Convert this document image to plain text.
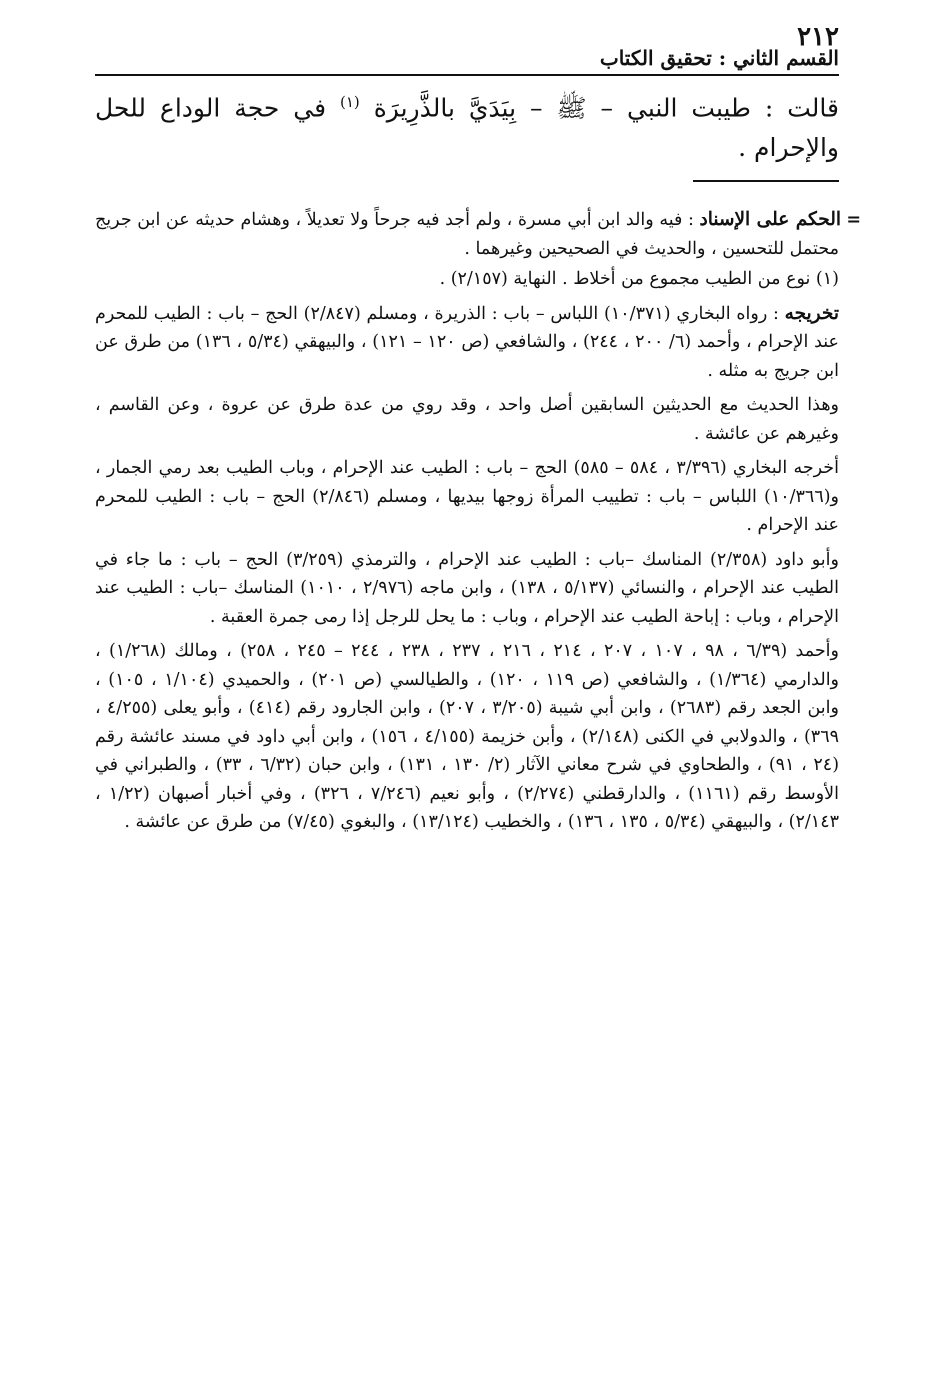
٢١٢
القسم الثاني : تحقيق الكتاب

قالت : طيبت النبي – ﷺ – بِيَدَيَّ بالذَّرِيرَة $^{(١)}$ في حجة الوداع للحل والإحرام .

=الحكم على الإسناد : فيه والد ابن أبي مسرة ، ولم أجد فيه جرحاً ولا تعديلاً ، وهشام حديثه عن ابن جريج محتمل للتحسين ، والحديث في الصحيحين وغيرهما .

(١) نوع من الطيب مجموع من أخلاط . النهاية (٢/١٥٧) .

تخريجه : رواه البخاري (١٠/٣٧١) اللباس – باب : الذريرة ، ومسلم (٢/٨٤٧) الحج – باب : الطيب للمحرم عند الإحرام ، وأحمد (٦/ ٢٠٠ ، ٢٤٤) ، والشافعي (ص ١٢٠ – ١٢١) ، والبيهقي (٥/٣٤ ، ١٣٦) من طرق عن ابن جريج به مثله .

وهذا الحديث مع الحديثين السابقين أصل واحد ، وقد روي من عدة طرق عن عروة ، وعن القاسم ، وغيرهم عن عائشة .

أخرجه البخاري (٣/٣٩٦ ، ٥٨٤ – ٥٨٥) الحج – باب : الطيب عند الإحرام ، وباب الطيب بعد رمي الجمار ، و(١٠/٣٦٦) اللباس – باب : تطييب المرأة زوجها بيديها ، ومسلم (٢/٨٤٦) الحج – باب : الطيب للمحرم عند الإحرام .

وأبو داود (٢/٣٥٨) المناسك –باب : الطيب عند الإحرام ، والترمذي (٣/٢٥٩) الحج – باب : ما جاء في الطيب عند الإحرام ، والنسائي (٥/١٣٧ ، ١٣٨) ، وابن ماجه (٢/٩٧٦ ، ١٠١٠) المناسك –باب : الطيب عند الإحرام ، وباب : إباحة الطيب عند الإحرام ، وباب : ما يحل للرجل إذا رمى جمرة العقبة .

وأحمد (٦/٣٩ ، ٩٨ ، ١٠٧ ، ٢٠٧ ، ٢١٤ ، ٢١٦ ، ٢٣٧ ، ٢٣٨ ، ٢٤٤ – ٢٤٥ ، ٢٥٨) ، ومالك (١/٢٦٨) ، والدارمي (١/٣٦٤) ، والشافعي (ص ١١٩ ، ١٢٠) ، والطيالسي (ص ٢٠١) ، والحميدي (١/١٠٤ ، ١٠٥) ، وابن الجعد رقم (٢٦٨٣) ، وابن أبي شيبة (٣/٢٠٥ ، ٢٠٧) ، وابن الجارود رقم (٤١٤) ، وأبو يعلى (٤/٢٥٥ ، ٣٦٩) ، والدولابي في الكنى (٢/١٤٨) ، وأبن خزيمة (٤/١٥٥ ، ١٥٦) ، وابن أبي داود في مسند عائشة رقم (٢٤ ، ٩١) ، والطحاوي في شرح معاني الآثار (٢/ ١٣٠ ، ١٣١) ، وابن حبان (٦/٣٢ ، ٣٣) ، والطبراني في الأوسط رقم (١١٦١) ، والدارقطني (٢/٢٧٤) ، وأبو نعيم (٧/٢٤٦ ، ٣٢٦) ، وفي أخبار أصبهان (١/٢٢ ، ٢/١٤٣) ، والبيهقي (٥/٣٤ ، ١٣٥ ، ١٣٦) ، والخطيب (١٣/١٢٤) ، والبغوي (٧/٤٥) من طرق عن عائشة .
